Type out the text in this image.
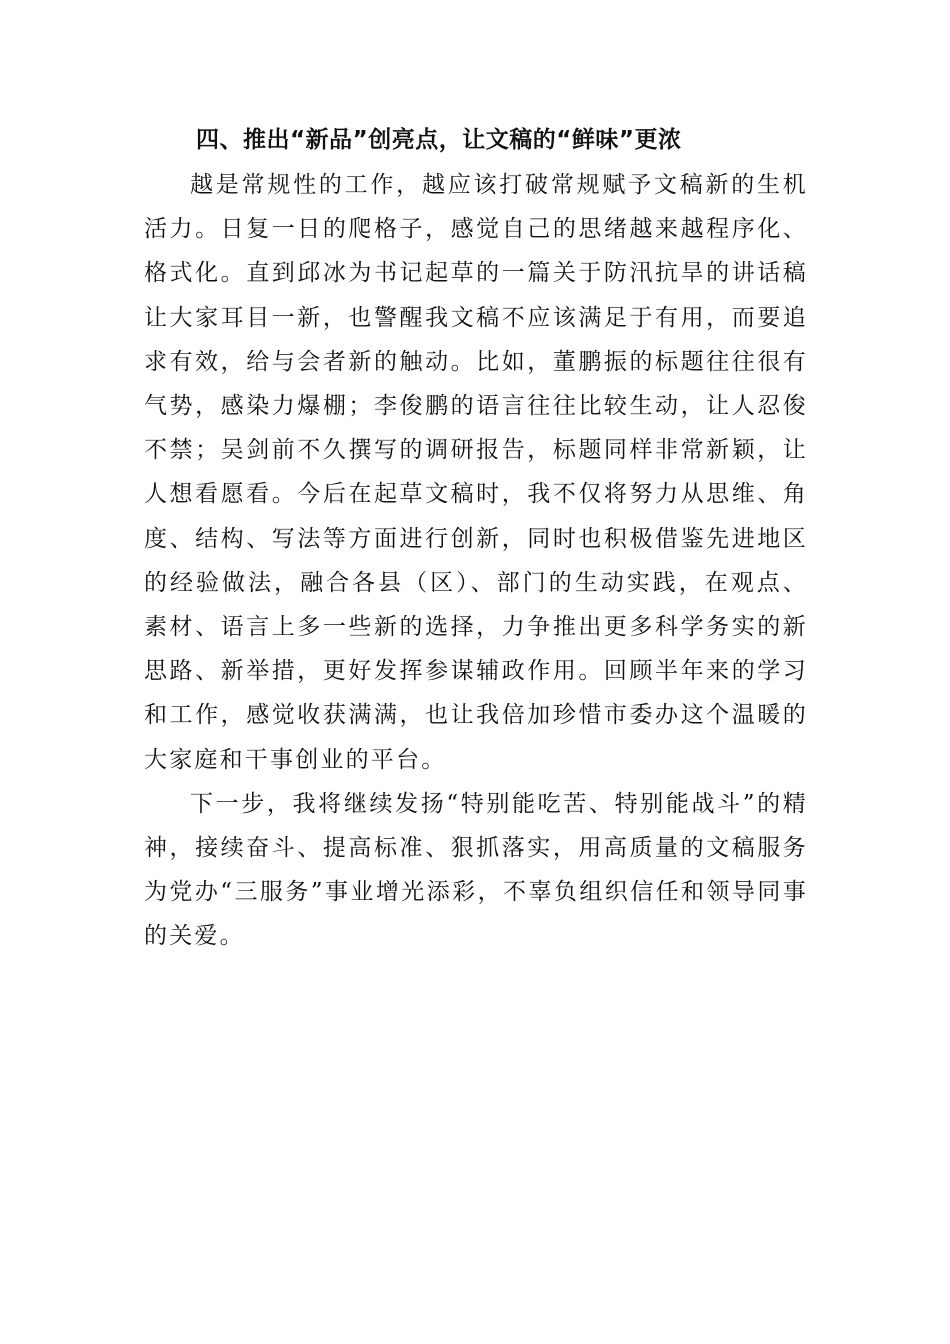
四、推出“新品”创亮点，让文稿的“鲜味”更浓

越是常规性的工作，越应该打破常规赋予文稿新的生机活力。日复一日的爬格子，感觉自己的思绪越来越程序化、格式化。直到邱冰为书记起草的一篇关于防汛抗旱的讲话稿让大家耳目一新，也警醒我文稿不应该满足于有用，而要追求有效，给与会者新的触动。比如，董鹏振的标题往往很有气势，感染力爆棚；李俊鹏的语言往往比较生动，让人忍俊不禁；吴剑前不久撰写的调研报告，标题同样非常新颖，让人想看愿看。今后在起草文稿时，我不仅将努力从思维、角度、结构、写法等方面进行创新，同时也积极借鉴先进地区的经验做法，融合各县（区）、部门的生动实践，在观点、素材、语言上多一些新的选择，力争推出更多科学务实的新思路、新举措，更好发挥参谋辅政作用。回顾半年来的学习和工作，感觉收获满满，也让我倍加珍惜市委办这个温暖的大家庭和干事创业的平台。

下一步，我将继续发扬“特别能吃苦、特别能战斗”的精神，接续奋斗、提高标准、狠抓落实，用高质量的文稿服务为党办“三服务”事业增光添彩，不辜负组织信任和领导同事的关爱。
